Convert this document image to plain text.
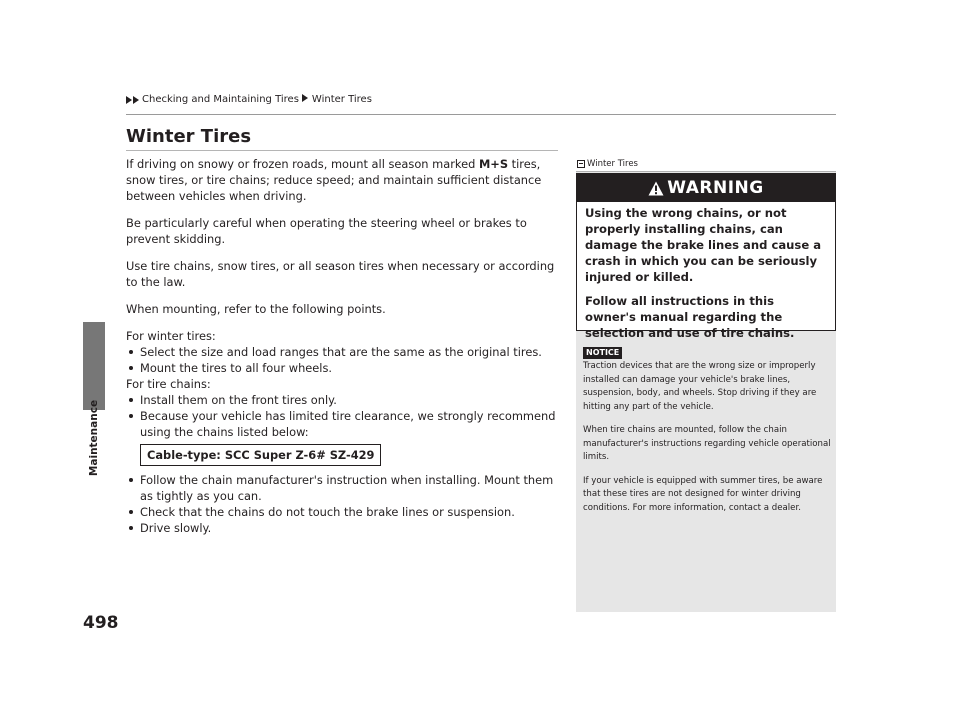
Checking and Maintaining Tires Winter Tires
Maintenance
498
Winter Tires

If driving on snowy or frozen roads, mount all season marked M+S tires, snow tires, or tire chains; reduce speed; and maintain sufficient distance between vehicles when driving.

Be particularly careful when operating the steering wheel or brakes to prevent skidding.

Use tire chains, snow tires, or all season tires when necessary or according to the law.

When mounting, refer to the following points.

For winter tires:

Select the size and load ranges that are the same as the original tires.
Mount the tires to all four wheels.

For tire chains:

Install them on the front tires only.
Because your vehicle has limited tire clearance, we strongly recommend using the chains listed below:
Cable-type: SCC Super Z-6# SZ-429
Follow the chain manufacturer's instruction when installing. Mount them as tightly as you can.
Check that the chains do not touch the brake lines or suspension.
Drive slowly.
Winter Tires
WARNING

Using the wrong chains, or not properly installing chains, can damage the brake lines and cause a crash in which you can be seriously injured or killed.

Follow all instructions in this owner's manual regarding the selection and use of tire chains.

NOTICE

Traction devices that are the wrong size or improperly installed can damage your vehicle's brake lines, suspension, body, and wheels. Stop driving if they are hitting any part of the vehicle.

When tire chains are mounted, follow the chain manufacturer's instructions regarding vehicle operational limits.

If your vehicle is equipped with summer tires, be aware that these tires are not designed for winter driving conditions. For more information, contact a dealer.
